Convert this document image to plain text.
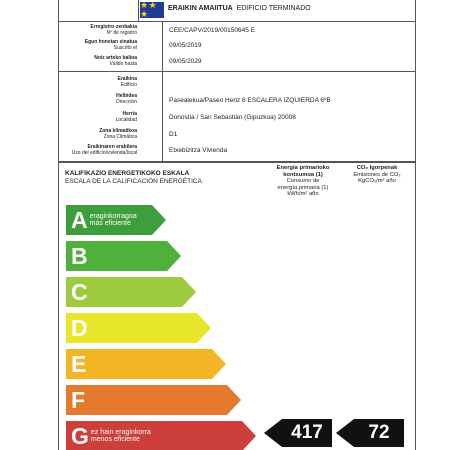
★ ★ ★
ERAIKIN AMAIITUA EDIFICIO TERMINADO
Erregistro-zenbakia
Nº de registro	CEE/CAPV/2019/00150645 E
Egun honetan sinatua
Suscrito el	09/05/2019
Noiz arteko balioa
Válido hasta	09/05/2029
Eraikina
Edificio
Helbidea
Dirección	Pasealekua/Paseo Heriz 8 ESCALERA IZQUIERDA 6ºB
Herria
Localidad	Donostia / San Sebastián (Gipuzkoa) 20008
Zona klimatikoa
Zona Climática	D1
Eraikinaren erabilera
Uso del edificio/vivienda/local	Etxebizitza Vivienda
KALIFIKAZIO ENERGETIKOKO ESKALA
ESCALA DE LA CALIFICACIÓN ENERGÉTICA
Energia primarioko
kontsumoa (1)
Consumo de
energía primaria (1)
kWh/m² año
CO₂ Igorpenak
Emisiones de CO₂
KgCO₂/m² año
A eraginkorragoa
más eficiente
B
C
D
E
F
G ez hain eraginkorra
menos eficiente	417	72
